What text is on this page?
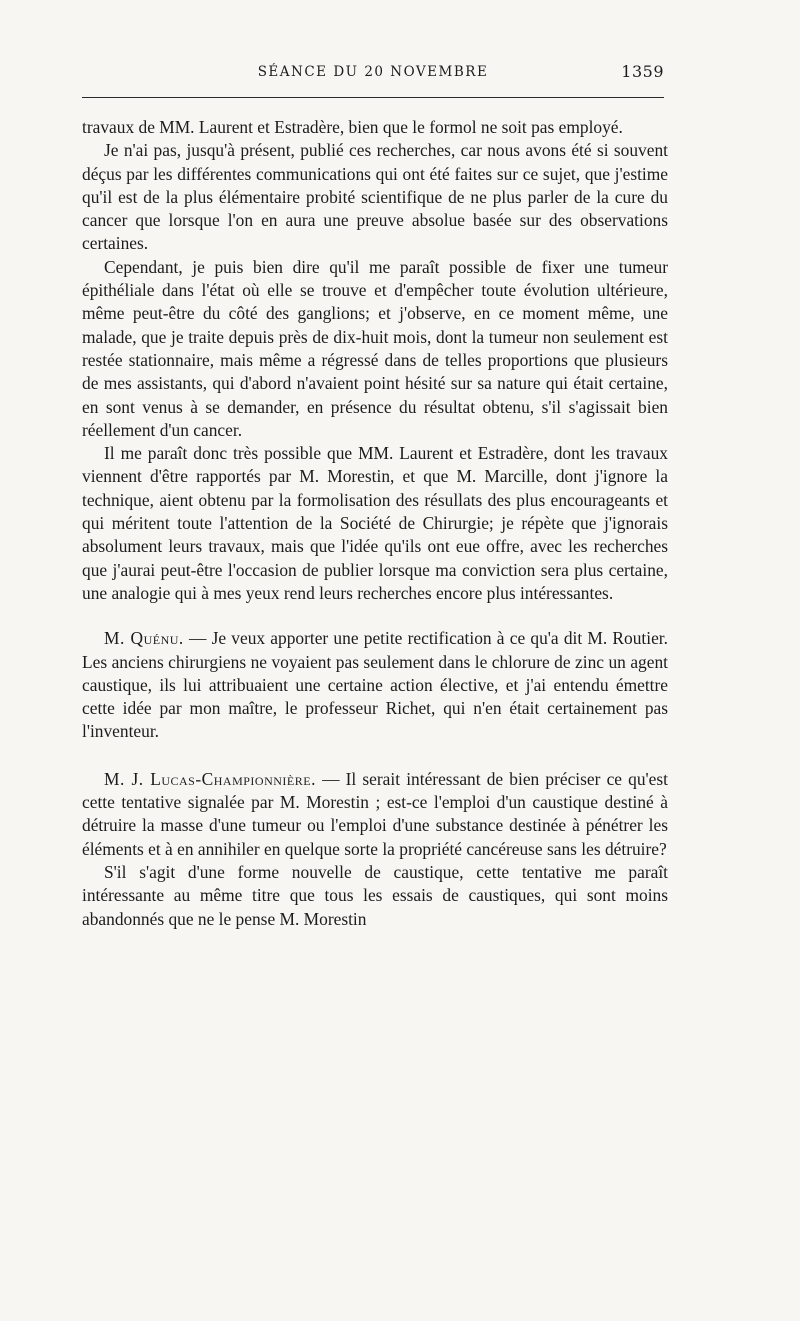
SÉANCE DU 20 NOVEMBRE	1359

travaux de MM. Laurent et Estradère, bien que le formol ne soit pas employé.

Je n'ai pas, jusqu'à présent, publié ces recherches, car nous avons été si souvent déçus par les différentes communications qui ont été faites sur ce sujet, que j'estime qu'il est de la plus élémentaire probité scientifique de ne plus parler de la cure du cancer que lorsque l'on en aura une preuve absolue basée sur des observations certaines.

Cependant, je puis bien dire qu'il me paraît possible de fixer une tumeur épithéliale dans l'état où elle se trouve et d'empêcher toute évolution ultérieure, même peut-être du côté des ganglions; et j'observe, en ce moment même, une malade, que je traite depuis près de dix-huit mois, dont la tumeur non seulement est restée stationnaire, mais même a régressé dans de telles proportions que plusieurs de mes assistants, qui d'abord n'avaient point hésité sur sa nature qui était certaine, en sont venus à se demander, en présence du résultat obtenu, s'il s'agissait bien réellement d'un cancer.

Il me paraît donc très possible que MM. Laurent et Estradère, dont les travaux viennent d'être rapportés par M. Morestin, et que M. Marcille, dont j'ignore la technique, aient obtenu par la formolisation des résullats des plus encourageants et qui méritent toute l'attention de la Société de Chirurgie; je répète que j'ignorais absolument leurs travaux, mais que l'idée qu'ils ont eue offre, avec les recherches que j'aurai peut-être l'occasion de publier lorsque ma conviction sera plus certaine, une analogie qui à mes yeux rend leurs recherches encore plus intéressantes.

M. Quénu. — Je veux apporter une petite rectification à ce qu'a dit M. Routier. Les anciens chirurgiens ne voyaient pas seulement dans le chlorure de zinc un agent caustique, ils lui attribuaient une certaine action élective, et j'ai entendu émettre cette idée par mon maître, le professeur Richet, qui n'en était certainement pas l'inventeur.

M. J. Lucas-Championnière. — Il serait intéressant de bien préciser ce qu'est cette tentative signalée par M. Morestin ; est-ce l'emploi d'un caustique destiné à détruire la masse d'une tumeur ou l'emploi d'une substance destinée à pénétrer les éléments et à en annihiler en quelque sorte la propriété cancéreuse sans les détruire?

S'il s'agit d'une forme nouvelle de caustique, cette tentative me paraît intéressante au même titre que tous les essais de caustiques, qui sont moins abandonnés que ne le pense M. Morestin
